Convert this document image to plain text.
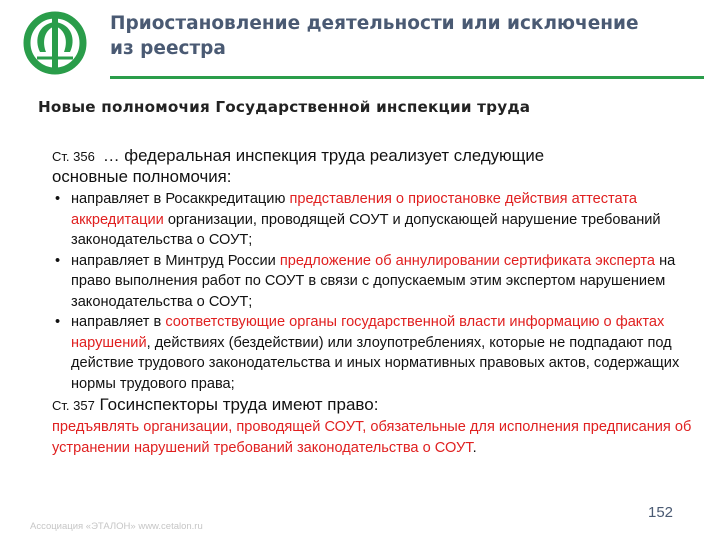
Приостановление деятельности или исключение
из реестра
Новые полномочия Государственной инспекции труда

Ст. 356 … федеральная инспекция труда реализует следующие
основные полномочия:

• направляет в Росаккредитацию представления о приостановке действия аттестата аккредитации организации, проводящей СОУТ и допускающей нарушение требований законодательства о СОУТ;
• направляет в Минтруд России предложение об аннулировании сертификата эксперта на право выполнения работ по СОУТ в связи с допускаемым этим экспертом нарушением законодательства о СОУТ;
• направляет в соответствующие органы государственной власти информацию о фактах нарушений, действиях (бездействии) или злоупотреблениях, которые не подпадают под действие трудового законодательства и иных нормативных правовых актов, содержащих нормы трудового права;

Ст. 357 Госинспекторы труда имеют право:

предъявлять организации, проводящей СОУТ, обязательные для исполнения предписания об устранении нарушений требований законодательства о СОУТ.

Ассоциация «ЭТАЛОН» www.cetalon.ru
152
